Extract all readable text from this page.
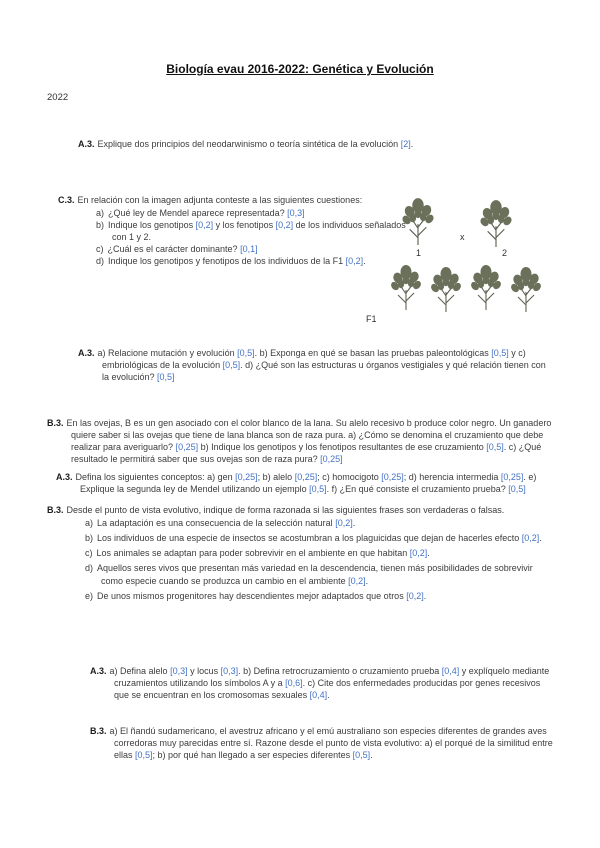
Biología evau 2016-2022: Genética y Evolución
2022
A.3. Explique dos principios del neodarwinismo o teoría sintética de la evolución [2].
C.3. En relación con la imagen adjunta conteste a las siguientes cuestiones:
a) ¿Qué ley de Mendel aparece representada? [0,3]
b) Indique los genotipos [0,2] y los fenotipos [0,2] de los individuos señalados con 1 y 2.
c) ¿Cuál es el carácter dominante? [0,1]
d) Indique los genotipos y fenotipos de los individuos de la F1 [0,2].
1
x
2
F1
A.3. a) Relacione mutación y evolución [0,5]. b) Exponga en qué se basan las pruebas paleontológicas [0,5] y c) embriológicas de la evolución [0,5]. d) ¿Qué son las estructuras u órganos vestigiales y qué relación tienen con la evolución? [0,5]
B.3. En las ovejas, B es un gen asociado con el color blanco de la lana. Su alelo recesivo b produce color negro. Un ganadero quiere saber si las ovejas que tiene de lana blanca son de raza pura. a) ¿Cómo se denomina el cruzamiento que debe realizar para averiguarlo? [0,25] b) Indique los genotipos y los fenotipos resultantes de ese cruzamiento [0,5]. c) ¿Qué resultado le permitirá saber que sus ovejas son de raza pura? [0,25]
A.3. Defina los siguientes conceptos: a) gen [0,25]; b) alelo [0,25]; c) homocigoto [0,25]; d) herencia intermedia [0,25]. e) Explique la segunda ley de Mendel utilizando un ejemplo [0,5]. f) ¿En qué consiste el cruzamiento prueba? [0,5]
B.3. Desde el punto de vista evolutivo, indique de forma razonada si las siguientes frases son verdaderas o falsas.
a) La adaptación es una consecuencia de la selección natural [0,2].
b) Los individuos de una especie de insectos se acostumbran a los plaguicidas que dejan de hacerles efecto [0,2].
c) Los animales se adaptan para poder sobrevivir en el ambiente en que habitan [0,2].
d) Aquellos seres vivos que presentan más variedad en la descendencia, tienen más posibilidades de sobrevivir como especie cuando se produzca un cambio en el ambiente [0,2].
e) De unos mismos progenitores hay descendientes mejor adaptados que otros [0,2].
A.3. a) Defina alelo [0,3] y locus [0,3]. b) Defina retrocruzamiento o cruzamiento prueba [0,4] y explíquelo mediante cruzamientos utilizando los símbolos A y a [0,6]. c) Cite dos enfermedades producidas por genes recesivos que se encuentran en los cromosomas sexuales [0,4].
B.3. a) El ñandú sudamericano, el avestruz africano y el emú australiano son especies diferentes de grandes aves corredoras muy parecidas entre sí. Razone desde el punto de vista evolutivo: a) el porqué de la similitud entre ellas [0,5]; b) por qué han llegado a ser especies diferentes [0,5].
